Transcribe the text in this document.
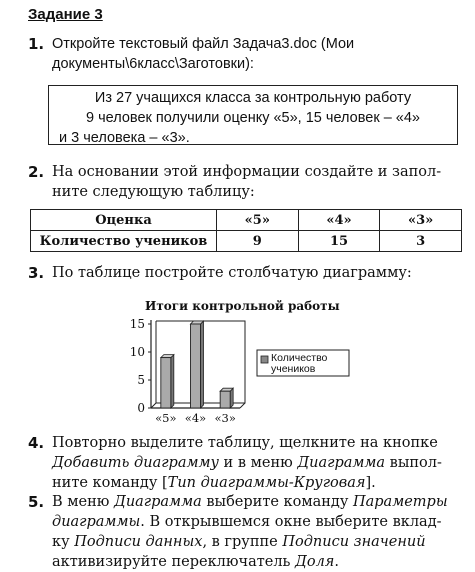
Задание 3
1. Откройте текстовый файл Задача3.doc (Мои
документы\6класс\Заготовки):
Из 27 учащихся класса за контрольную работу
9 человек получили оценку «5», 15 человек – «4»
и 3 человека – «3».
2. На основании этой информации создайте и запол-
ните следующую таблицу:
Оценка	«5»	«4»	«3»
Количество учеников	9	15	3
3. По таблице постройте столбчатую диаграмму:
Итоги контрольной работы
0
5
10
15
«5» «4» «3»
Количество
учеников
4. Повторно выделите таблицу, щелкните на кнопке
Добавить диаграмму и в меню Диаграмма выпол-
ните команду [Тип диаграммы-Круговая].
5. В меню Диаграмма выберите команду Параметры
диаграммы. В открывшемся окне выберите вклад-
ку Подписи данных, в группе Подписи значений
активизируйте переключатель Доля.
